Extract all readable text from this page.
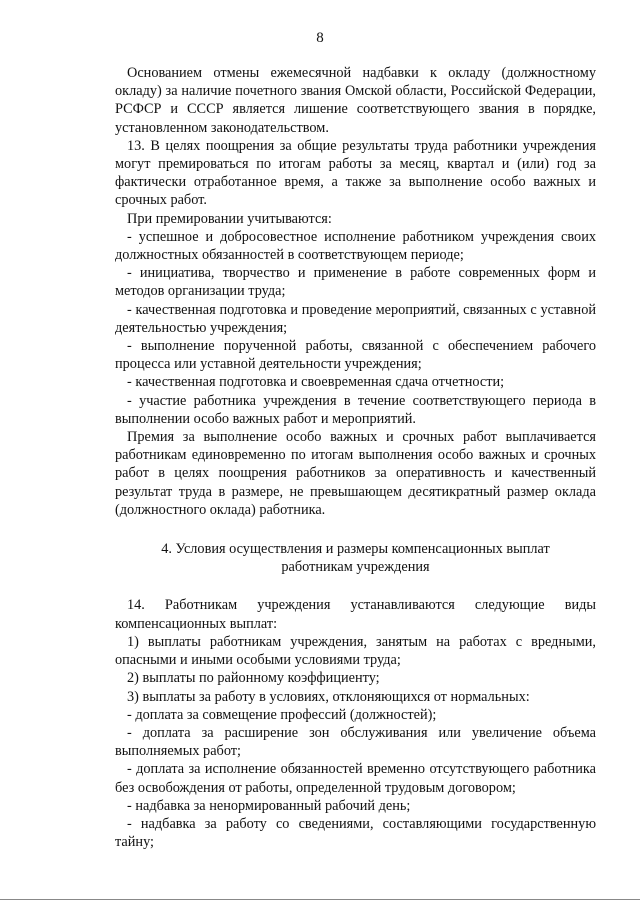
8

Основанием отмены ежемесячной надбавки к окладу (должностному окладу) за наличие почетного звания Омской области, Российской Федерации, РСФСР и СССР является лишение соответствующего звания в порядке, установленном законодательством.

13. В целях поощрения за общие результаты труда работники учреждения могут премироваться по итогам работы за месяц, квартал и (или) год за фактически отработанное время, а также за выполнение особо важных и срочных работ.

При премировании учитываются:

- успешное и добросовестное исполнение работником учреждения своих должностных обязанностей в соответствующем периоде;

- инициатива, творчество и применение в работе современных форм и методов организации труда;

- качественная подготовка и проведение мероприятий, связанных с уставной деятельностью учреждения;

- выполнение порученной работы, связанной с обеспечением рабочего процесса или уставной деятельности учреждения;

- качественная подготовка и своевременная сдача отчетности;

- участие работника учреждения в течение соответствующего периода в выполнении особо важных работ и мероприятий.

Премия за выполнение особо важных и срочных работ выплачивается работникам единовременно по итогам выполнения особо важных и срочных работ в целях поощрения работников за оперативность и качественный результат труда в размере, не превышающем десятикратный размер оклада (должностного оклада) работника.

4. Условия осуществления и размеры компенсационных выплат
работникам учреждения

14. Работникам учреждения устанавливаются следующие виды компенсационных выплат:

1) выплаты работникам учреждения, занятым на работах с вредными, опасными и иными особыми условиями труда;

2) выплаты по районному коэффициенту;

3) выплаты за работу в условиях, отклоняющихся от нормальных:

- доплата за совмещение профессий (должностей);

- доплата за расширение зон обслуживания или увеличение объема выполняемых работ;

- доплата за исполнение обязанностей временно отсутствующего работника без освобождения от работы, определенной трудовым договором;

- надбавка за ненормированный рабочий день;

- надбавка за работу со сведениями, составляющими государственную тайну;
